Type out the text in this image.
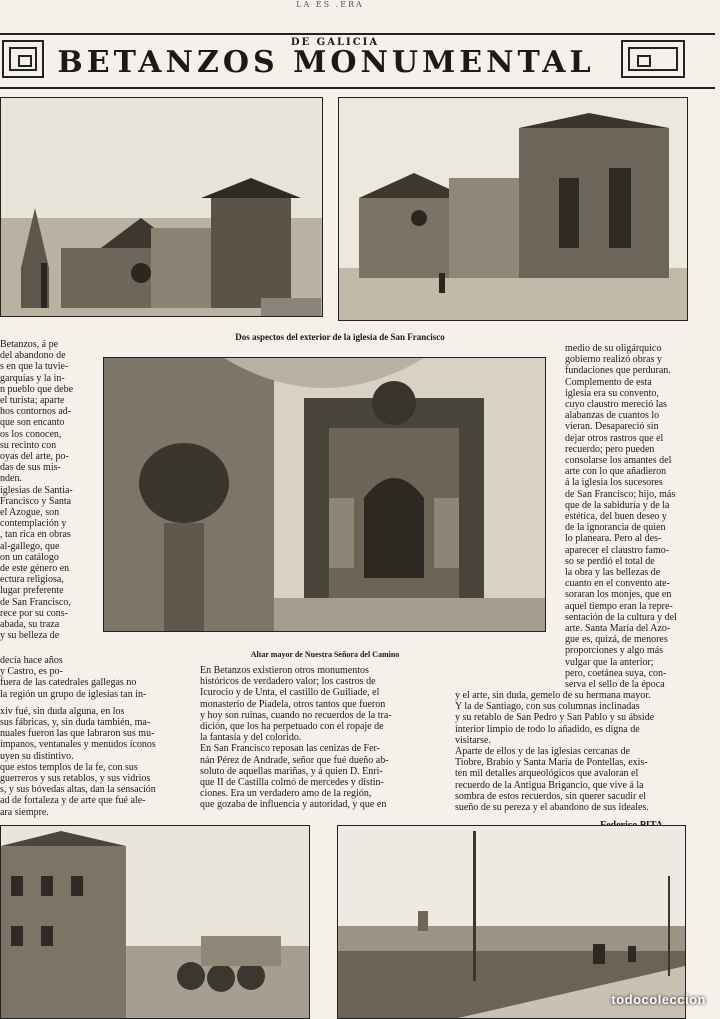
LA ES .ERA
DE GALICIA
BETANZOS MONUMENTAL
Dos aspectos del exterior de la iglesia de San Francisco
Altar mayor de Nuestra Señora del Camino
Betanzos, á pe
del abandono de
s en que la tuvie-
garquías y la in-
n pueblo que debe
el turista; aparte
hos contornos ad-
que son encanto
os los conocen,
su recinto con
oyas del arte, po-
das de sus mis-
nden.
iglesias de Santia-
Francisco y Santa
el Azogue, son
contemplación y
, tan rica en obras
al-gallego, que
on un catálogo
de este género en
ectura religiosa,
lugar preferente
de San Francisco,
rece por su cons-
abada, su traza
y su belleza de
decía hace años
y Castro, es po-
fuera de las catedrales gallegas no
la región un grupo de iglesias tan in-
xiv fué, sin duda alguna, en los
sus fábricas, y, sin duda también, ma-
nuales fueron las que labraron sus mu-
ímpanos, ventanales y menudos íconos
uyen su distintivo.
que estos templos de la fe, con sus
guerreros y sus retablos, y sus vidrios
s, y sus bóvedas altas, dan la sensación
ad de fortaleza y de arte que fué ale-
ara siempre.
En Betanzos existieron otros monumentos
históricos de verdadero valor; los castros de
Icurocio y de Unta, el castillo de Guiliade, el
monasterio de Piadela, otros tantos que fueron
y hoy son ruinas, cuando no recuerdos de la tra-
dición, que los ha perpetuado con el ropaje de
la fantasía y del colorido.
En San Francisco reposan las cenizas de Fer-
nán Pérez de Andrade, señor que fué dueño ab-
soluto de aquellas mariñas, y á quien D. Enri-
que II de Castilla colmó de mercedes y distin-
ciones. Era un verdadero amo de la región,
que gozaba de influencia y autoridad, y que en
medio de su oligárquico
gobierno realizó obras y
fundaciones que perduran.
Complemento de esta
iglesia era su convento,
cuyo claustro mereció las
alabanzas de cuantos lo
vieran. Desapareció sin
dejar otros rastros que el
recuerdo; pero pueden
consolarse los amantes del
arte con lo que añadieron
á la iglesia los sucesores
de San Francisco; hijo, más
que de la sabiduría y de la
estética, del buen deseo y
de la ignorancia de quien
lo planeara. Pero al des-
aparecer el claustro famo-
so se perdió el total de
la obra y las bellezas de
cuanto en el convento ate-
soraran los monjes, que en
aquel tiempo eran la repre-
sentación de la cultura y del
arte. Santa María del Azo-
gue es, quizá, de menores
proporciones y algo más
vulgar que la anterior;
pero, coetánea suya, con-
serva el sello de la época
y el arte, sin duda, gemelo de su hermana mayor.
Y la de Santiago, con sus columnas inclinadas
y su retablo de San Pedro y San Pablo y su ábside
interior limpio de todo lo añadido, es digna de
visitarse.
Aparte de ellos y de las iglesias cercanas de
Tiobre, Brabío y Santa María de Pontellas, exis-
ten mil detalles arqueológicos que avaloran el
recuerdo de la Antigua Brigancio, que vive á la
sombra de estos recuerdos, sin querer sacudir el
sueño de su pereza y el abandono de sus ideales.
todocoleccion
